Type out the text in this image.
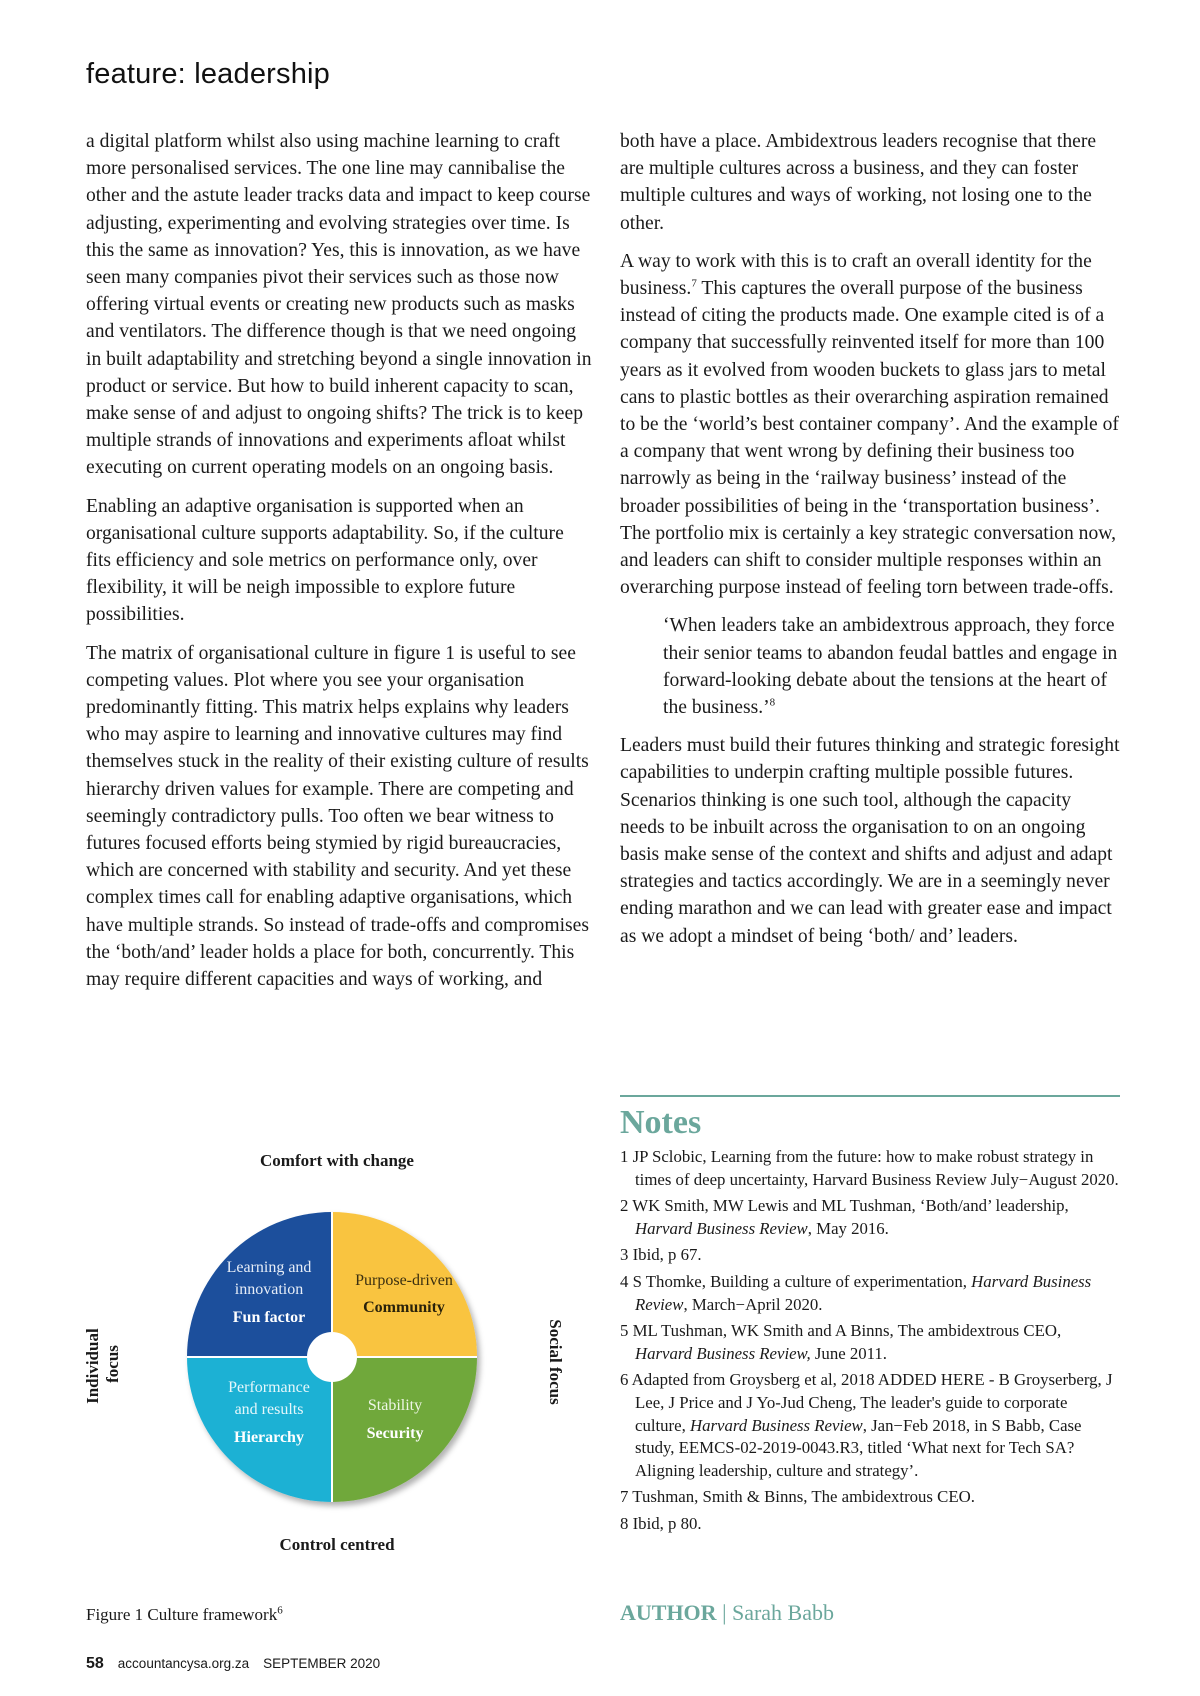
feature: leadership

a digital platform whilst also using machine learning to craft more personalised services. The one line may cannibalise the other and the astute leader tracks data and impact to keep course adjusting, experimenting and evolving strategies over time. Is this the same as innovation? Yes, this is innovation, as we have seen many companies pivot their services such as those now offering virtual events or creating new products such as masks and ventilators. The difference though is that we need ongoing in built adaptability and stretching beyond a single innovation in product or service. But how to build inherent capacity to scan, make sense of and adjust to ongoing shifts? The trick is to keep multiple strands of innovations and experiments afloat whilst executing on current operating models on an ongoing basis.

Enabling an adaptive organisation is supported when an organisational culture supports adaptability. So, if the culture fits efficiency and sole metrics on performance only, over flexibility, it will be neigh impossible to explore future possibilities.

The matrix of organisational culture in figure 1 is useful to see competing values. Plot where you see your organisation predominantly fitting. This matrix helps explains why leaders who may aspire to learning and innovative cultures may find themselves stuck in the reality of their existing culture of results hierarchy driven values for example. There are competing and seemingly contradictory pulls. Too often we bear witness to futures focused efforts being stymied by rigid bureaucracies, which are concerned with stability and security. And yet these complex times call for enabling adaptive organisations, which have multiple strands. So instead of trade-offs and compromises the ‘both/and’ leader holds a place for both, concurrently. This may require different capacities and ways of working, and

both have a place. Ambidextrous leaders recognise that there are multiple cultures across a business, and they can foster multiple cultures and ways of working, not losing one to the other.

A way to work with this is to craft an overall identity for the business.$^7$ This captures the overall purpose of the business instead of citing the products made. One example cited is of a company that successfully reinvented itself for more than 100 years as it evolved from wooden buckets to glass jars to metal cans to plastic bottles as their overarching aspiration remained to be the ‘world’s best container company’. And the example of a company that went wrong by defining their business too narrowly as being in the ‘railway business’ instead of the broader possibilities of being in the ‘transportation business’. The portfolio mix is certainly a key strategic conversation now, and leaders can shift to consider multiple responses within an overarching purpose instead of feeling torn between trade-offs.

‘When leaders take an ambidextrous approach, they force their senior teams to abandon feudal battles and engage in forward-looking debate about the tensions at the heart of the business.’$^8$

Leaders must build their futures thinking and strategic foresight capabilities to underpin crafting multiple possible futures. Scenarios thinking is one such tool, although the capacity needs to be inbuilt across the organisation to on an ongoing basis make sense of the context and shifts and adjust and adapt strategies and tactics accordingly. We are in a seemingly never ending marathon and we can lead with greater ease and impact as we adopt a mindset of being ‘both/ and’ leaders.

Notes
1 JP Sclobic, Learning from the future: how to make robust strategy in times of deep uncertainty, Harvard Business Review July−August 2020.
2 WK Smith, MW Lewis and ML Tushman, ‘Both/and’ leadership, Harvard Business Review, May 2016.
3 Ibid, p 67.
4 S Thomke, Building a culture of experimentation, Harvard Business Review, March−April 2020.
5 ML Tushman, WK Smith and A Binns, The ambidextrous CEO, Harvard Business Review, June 2011.
6 Adapted from Groysberg et al, 2018 ADDED HERE - B Groyserberg, J Lee, J Price and J Yo-Jud Cheng, The leader's guide to corporate culture, Harvard Business Review, Jan−Feb 2018, in S Babb, Case study, EEMCS-02-2019-0043.R3, titled ‘What next for Tech SA? Aligning leadership, culture and strategy’.
7 Tushman, Smith & Binns, The ambidextrous CEO.
8 Ibid, p 80.
AUTHOR | Sarah Babb
Comfort with change
Control centred
Individual focus	Social focus
Learning and
innovation
Fun factor
Purpose-driven
Community
Performance
and results
Hierarchy
Stability
Security
Figure 1 Culture framework$^6$
58 accountancysa.org.za SEPTEMBER 2020
